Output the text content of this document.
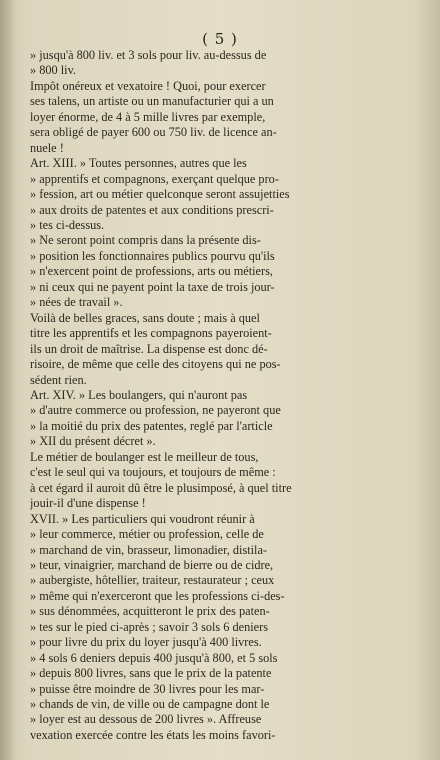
( 5 )
» jusqu'à 800 liv. et 3 sols pour liv. au-dessus de
» 800 liv.
Impôt onéreux et vexatoire ! Quoi, pour exercer
ses talens, un artiste ou un manufacturier qui a un
loyer énorme, de 4 à 5 mille livres par exemple,
sera obligé de payer 600 ou 750 liv. de licence an-
nuele !
Art. XIII. » Toutes personnes, autres que les
» apprentifs et compagnons, exerçant quelque pro-
» fession, art ou métier quelconque seront assujetties
» aux droits de patentes et aux conditions prescri-
» tes ci-dessus.
» Ne seront point compris dans la présente dis-
» position les fonctionnaires publics pourvu qu'ils
» n'exercent point de professions, arts ou métiers,
» ni ceux qui ne payent point la taxe de trois jour-
» nées de travail ».
Voilà de belles graces, sans doute ; mais à quel
titre les apprentifs et les compagnons payeroient-
ils un droit de maîtrise. La dispense est donc dé-
risoire, de même que celle des citoyens qui ne pos-
sédent rien.
Art. XIV. » Les boulangers, qui n'auront pas
» d'autre commerce ou profession, ne payeront que
» la moitié du prix des patentes, reglé par l'article
» XII du présent décret ».
Le métier de boulanger est le meilleur de tous,
c'est le seul qui va toujours, et toujours de même :
à cet égard il auroit dû être le plusimposé, à quel titre
jouir-il d'une dispense !
XVII. » Les particuliers qui voudront réunir à
» leur commerce, métier ou profession, celle de
» marchand de vin, brasseur, limonadier, distila-
» teur, vinaigrier, marchand de bierre ou de cidre,
» aubergiste, hôtellier, traiteur, restaurateur ; ceux
» même qui n'exerceront que les professions ci-des-
» sus dénommées, acquitteront le prix des paten-
» tes sur le pied ci-après ; savoir 3 sols 6 deniers
» pour livre du prix du loyer jusqu'à 400 livres.
» 4 sols 6 deniers depuis 400 jusqu'à 800, et 5 sols
» depuis 800 livres, sans que le prix de la patente
» puisse être moindre de 30 livres pour les mar-
» chands de vin, de ville ou de campagne dont le
» loyer est au dessous de 200 livres ». Affreuse
vexation exercée contre les états les moins favori-
